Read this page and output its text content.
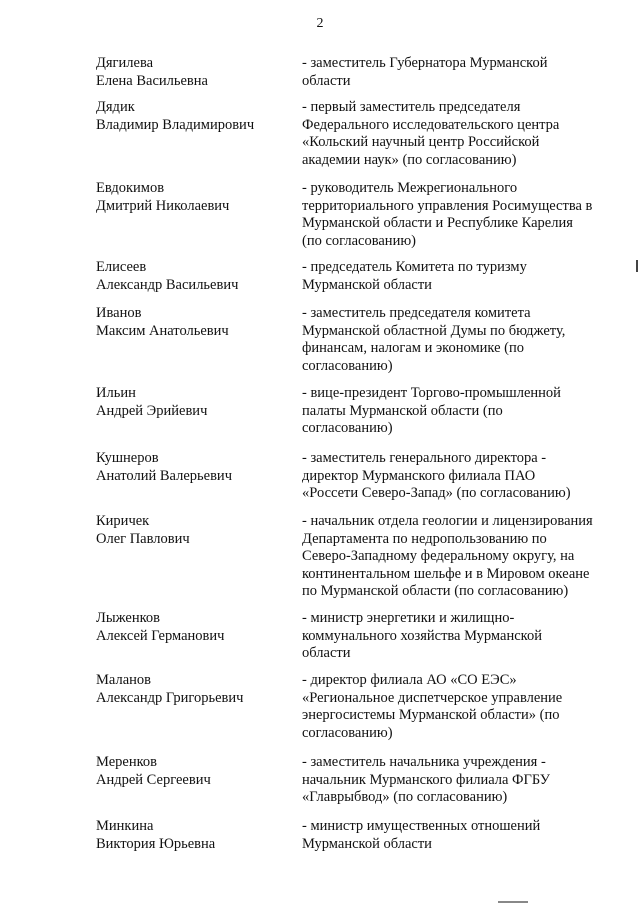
2
Дягилева
Елена Васильевна
- заместитель Губернатора Мурманской
области
Дядик
Владимир Владимирович
- первый заместитель председателя
Федерального исследовательского центра
«Кольский научный центр Российской
академии наук» (по согласованию)
Евдокимов
Дмитрий Николаевич
- руководитель Межрегионального
территориального управления Росимущества в
Мурманской области и Республике Карелия
(по согласованию)
Елисеев
Александр Васильевич
- председатель Комитета по туризму
Мурманской области
Иванов
Максим Анатольевич
- заместитель председателя комитета
Мурманской областной Думы по бюджету,
финансам, налогам и экономике (по
согласованию)
Ильин
Андрей Эрийевич
- вице-президент Торгово-промышленной
палаты Мурманской области (по
согласованию)
Кушнеров
Анатолий Валерьевич
- заместитель генерального директора -
директор Мурманского филиала ПАО
«Россети Северо-Запад» (по согласованию)
Киричек
Олег Павлович
- начальник отдела геологии и лицензирования
Департамента по недропользованию по
Северо-Западному федеральному округу, на
континентальном шельфе и в Мировом океане
по Мурманской области (по согласованию)
Лыженков
Алексей Германович
- министр энергетики и жилищно-
коммунального хозяйства Мурманской
области
Маланов
Александр Григорьевич
- директор филиала АО «СО ЕЭС»
«Региональное диспетчерское управление
энергосистемы Мурманской области» (по
согласованию)
Меренков
Андрей Сергеевич
- заместитель начальника учреждения -
начальник Мурманского филиала ФГБУ
«Главрыбвод» (по согласованию)
Минкина
Виктория Юрьевна
- министр имущественных отношений
Мурманской области
